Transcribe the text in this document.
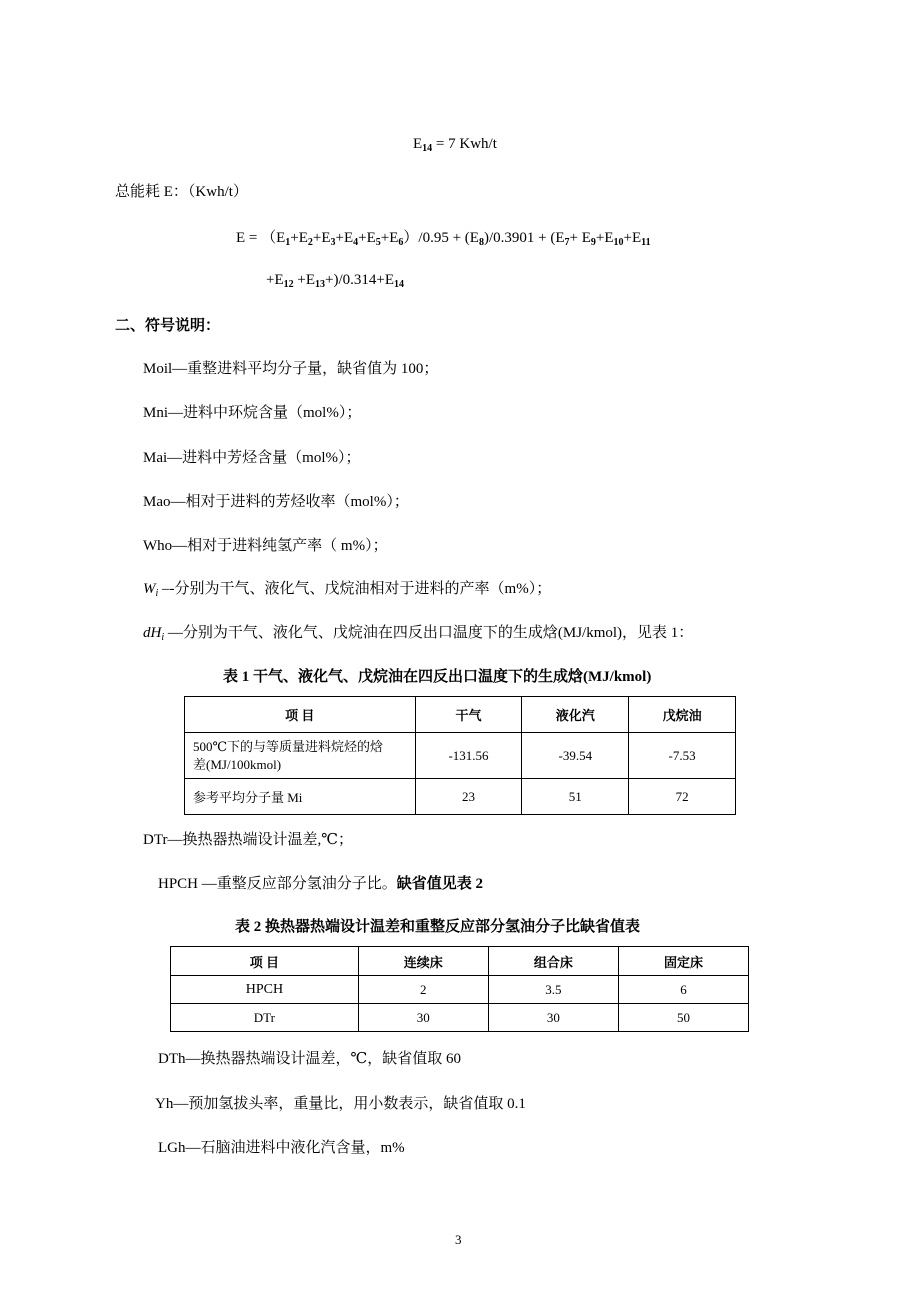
$E_{14} = 7$ Kwh/t
总能耗 E：（Kwh/t）
$E = (E_1+E_2+E_3+E_4+E_5+E_6)/0.95 + (E_8)/0.3901 + (E_7+ E_9+E_{10}+E_{11}$
$+E_{12} +E_{13}+)/0.314+E_{14}$
二、符号说明：
Moil—重整进料平均分子量，缺省值为 100；
Mni—进料中环烷含量（mol%）；
Mai—进料中芳烃含量（mol%）；
Mao—相对于进料的芳烃收率（mol%）；
Who—相对于进料纯氢产率（ m%）；
$W_i$ –-分别为干气、液化气、戊烷油相对于进料的产率（m%）；
$dH_i$ —分别为干气、液化气、戊烷油在四反出口温度下的生成焓(MJ/kmol)，见表 1：
表 1 干气、液化气、戊烷油在四反出口温度下的生成焓(MJ/kmol)
项 目	干气	液化汽	戊烷油

500℃下的与等质量进料烷烃的焓
差(MJ/100kmol)	-131.56	-39.54	-7.53
参考平均分子量 Mi	23	51	72
DTr—换热器热端设计温差,℃；
HPCH —重整反应部分氢油分子比。缺省值见表 2
表 2 换热器热端设计温差和重整反应部分氢油分子比缺省值表
项 目	连续床	组合床	固定床
HPCH	2	3.5	6
DTr	30	30	50
DTh—换热器热端设计温差，℃，缺省值取 60
Yh—预加氢拔头率，重量比，用小数表示，缺省值取 0.1
LGh—石脑油进料中液化汽含量，m%
3
